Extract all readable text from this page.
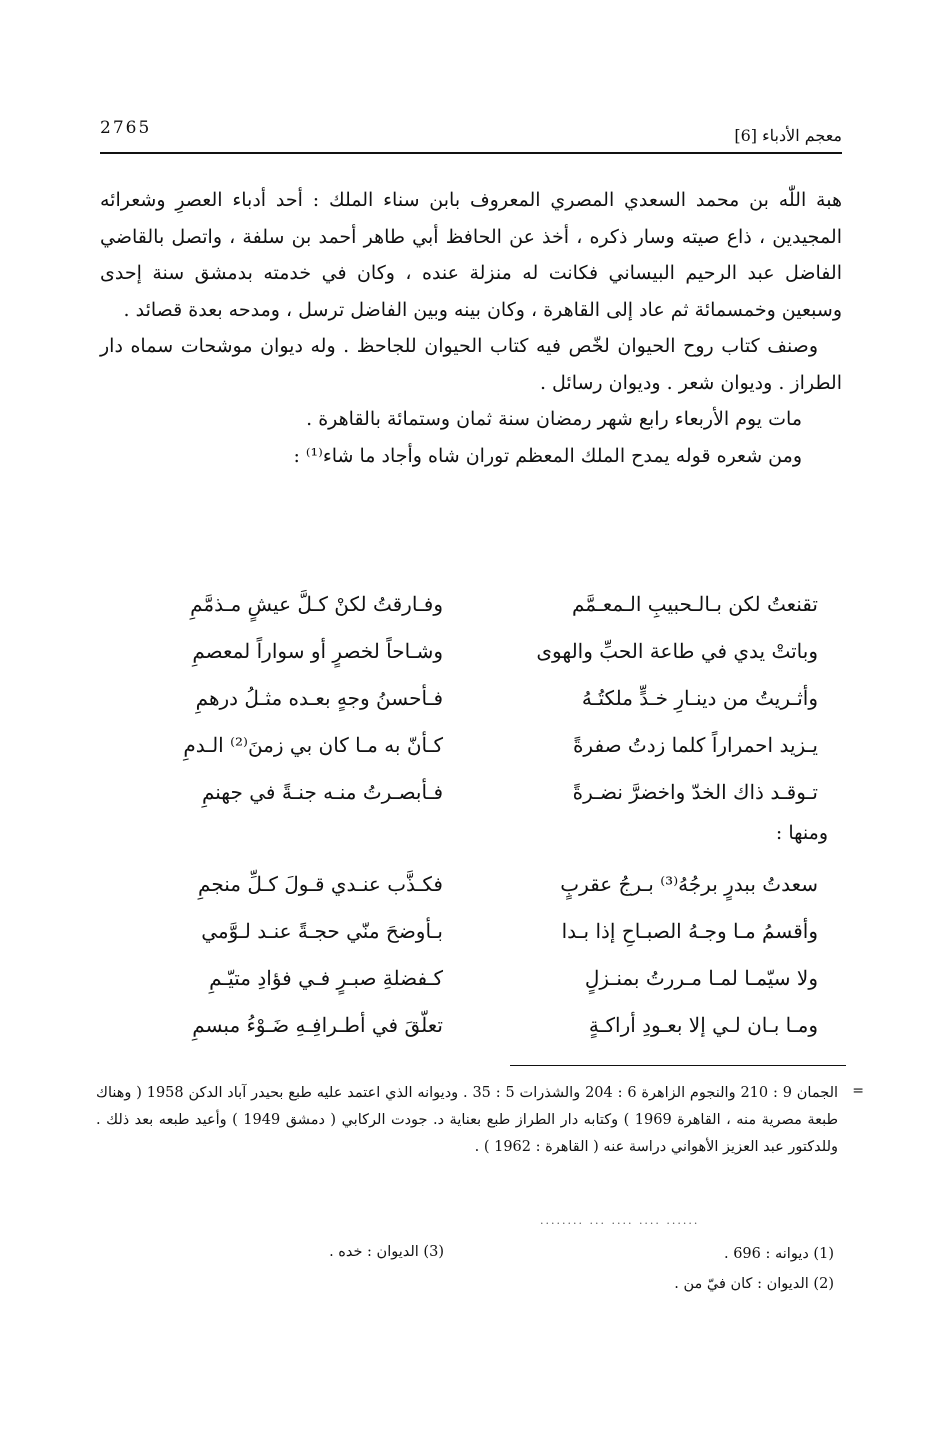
2765	معجم الأدباء [6]

هبة اللّٰه بن محمد السعدي المصري المعروف بابن سناء الملك : أحد أدباء العصرِ وشعرائه المجيدين ، ذاع صيته وسار ذكره ، أخذ عن الحافظ أبي طاهر أحمد بن سلفة ، واتصل بالقاضي الفاضل عبد الرحيم البيساني فكانت له منزلة عنده ، وكان في خدمته بدمشق سنة إحدى وسبعين وخمسمائة ثم عاد إلى القاهرة ، وكان بينه وبين الفاضل ترسل ، ومدحه بعدة قصائد .

وصنف كتاب روح الحيوان لخّص فيه كتاب الحيوان للجاحظ . وله ديوان موشحات سماه دار الطراز . وديوان شعر . وديوان رسائل .

مات يوم الأربعاء رابع شهر رمضان سنة ثمان وستمائة بالقاهرة .

ومن شعره قوله يمدح الملك المعظم توران شاه وأجاد ما شاء⁽¹⁾ :

تقنعتُ لكن بـالـحبيبِ الـمعـمَّم
وفـارقتُ لكنْ كـلَّ عيشٍ مـذمَّمِ
وباتتْ يدي في طاعة الحبِّ والهوى
وشـاحاً لخصرٍ أو سواراً لمعصمِ
وأثـريتُ من دينـارِ خـدٍّ ملكتُـهُ
فـأحسنُ وجهٍ بعـده مثـلُ درهمِ
يـزيد احمراراً كلما زدتُ صفرةً
كـأنّ به مـا كان بي زمنَ⁽²⁾ الـدمِ
تـوقـد ذاك الخدّ واخضرَّ نضـرةً
فـأبصـرتُ منـه جنـةً في جهنمِ
ومنها :
سعدتُ ببدرٍ برجُهُ⁽³⁾ بـرجُ عقربٍ
فكـذَّب عنـدي قـولَ كـلِّ منجمِ
وأقسمُ مـا وجـهُ الصبـاحِ إذا بـدا
بـأوضحَ منّي حجـةً عنـد لـوَّمي
ولا سيّمـا لمـا مـررتُ بمنـزلٍ
كـفضلةِ صبـرٍ فـي فؤادِ متيّـمِ
ومـا بـان لـي إلا بعـودِ أراكـةٍ
تعلّقَ في أطـرافِـهِ ضَـوْءُ مبسمِ
=

الجمان 9 : 210 والنجوم الزاهرة 6 : 204 والشذرات 5 : 35 . وديوانه الذي اعتمد عليه طبع بحيدر آباد الدكن 1958 ( وهناك طبعة مصرية منه ، القاهرة 1969 ) وكتابه دار الطراز طبع بعناية د. جودت الركابي ( دمشق 1949 ) وأعيد طبعه بعد ذلك . وللدكتور عبد العزيز الأهواني دراسة عنه ( القاهرة : 1962 ) .

........ ... .... .... ......
(1) ديوانه : 696 .
(2) الديوان : كان فيّ من .
(3) الديوان : خده .
